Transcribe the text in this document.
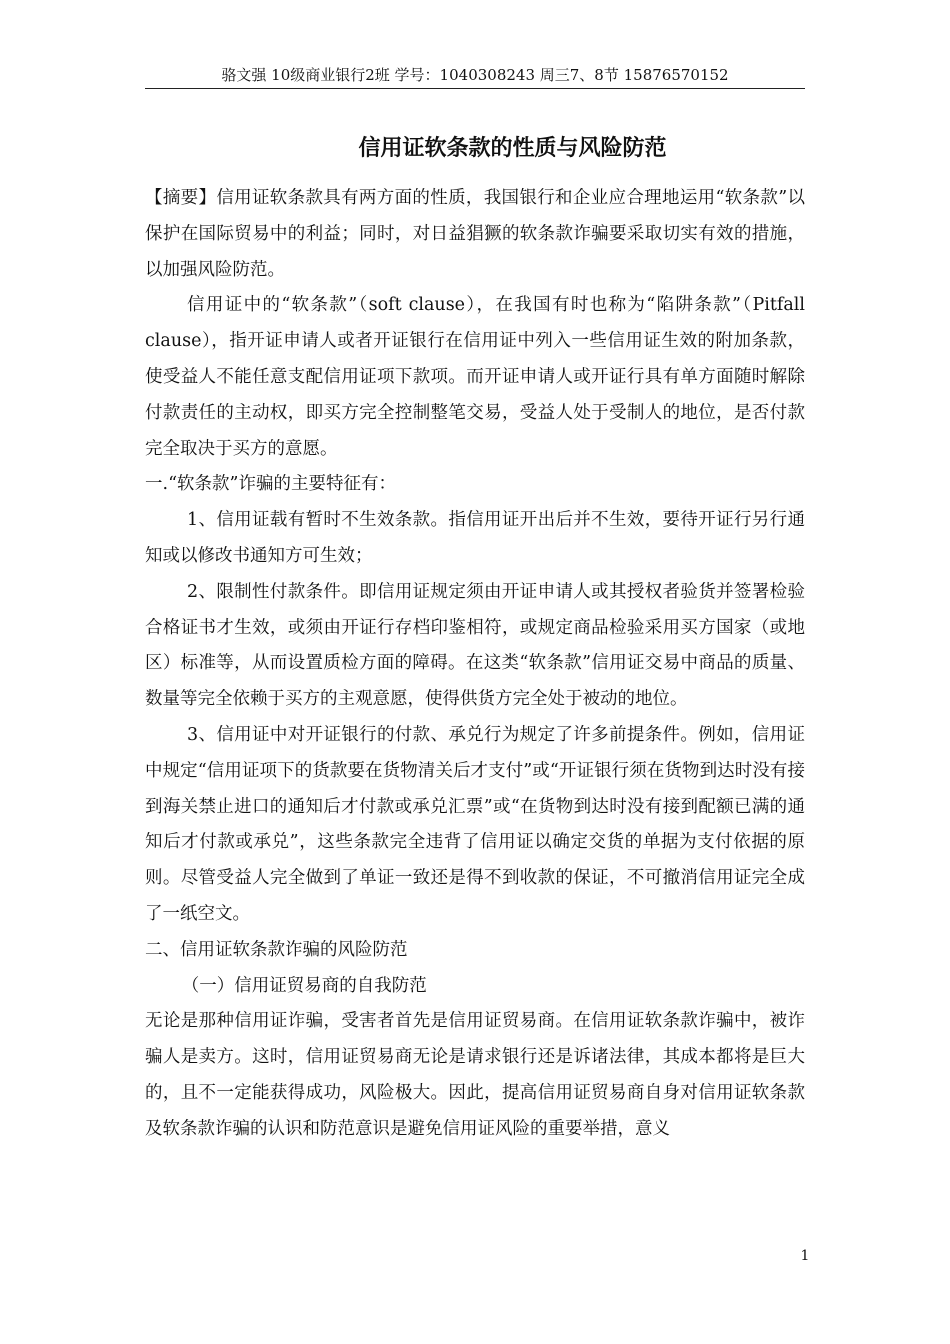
骆文强 10级商业银行2班 学号：1040308243 周三7、8节 15876570152
信用证软条款的性质与风险防范

【摘要】信用证软条款具有两方面的性质，我国银行和企业应合理地运用“软条款”以保护在国际贸易中的利益；同时，对日益猖獗的软条款诈骗要采取切实有效的措施，以加强风险防范。

信用证中的“软条款”（soft clause），在我国有时也称为“陷阱条款”（Pitfall clause），指开证申请人或者开证银行在信用证中列入一些信用证生效的附加条款，使受益人不能任意支配信用证项下款项。而开证申请人或开证行具有单方面随时解除付款责任的主动权，即买方完全控制整笔交易，受益人处于受制人的地位，是否付款完全取决于买方的意愿。

一.“软条款”诈骗的主要特征有：

1、信用证载有暂时不生效条款。指信用证开出后并不生效，要待开证行另行通知或以修改书通知方可生效；

2、限制性付款条件。即信用证规定须由开证申请人或其授权者验货并签署检验合格证书才生效，或须由开证行存档印鉴相符，或规定商品检验采用买方国家（或地区）标准等，从而设置质检方面的障碍。在这类“软条款”信用证交易中商品的质量、数量等完全依赖于买方的主观意愿，使得供货方完全处于被动的地位。

3、信用证中对开证银行的付款、承兑行为规定了许多前提条件。例如，信用证中规定“信用证项下的货款要在货物清关后才支付”或“开证银行须在货物到达时没有接到海关禁止进口的通知后才付款或承兑汇票”或“在货物到达时没有接到配额已满的通知后才付款或承兑”，这些条款完全违背了信用证以确定交货的单据为支付依据的原则。尽管受益人完全做到了单证一致还是得不到收款的保证，不可撤消信用证完全成了一纸空文。

二、信用证软条款诈骗的风险防范

（一）信用证贸易商的自我防范

无论是那种信用证诈骗，受害者首先是信用证贸易商。在信用证软条款诈骗中，被诈骗人是卖方。这时，信用证贸易商无论是请求银行还是诉诸法律，其成本都将是巨大的，且不一定能获得成功，风险极大。因此，提高信用证贸易商自身对信用证软条款及软条款诈骗的认识和防范意识是避免信用证风险的重要举措，意义

1
